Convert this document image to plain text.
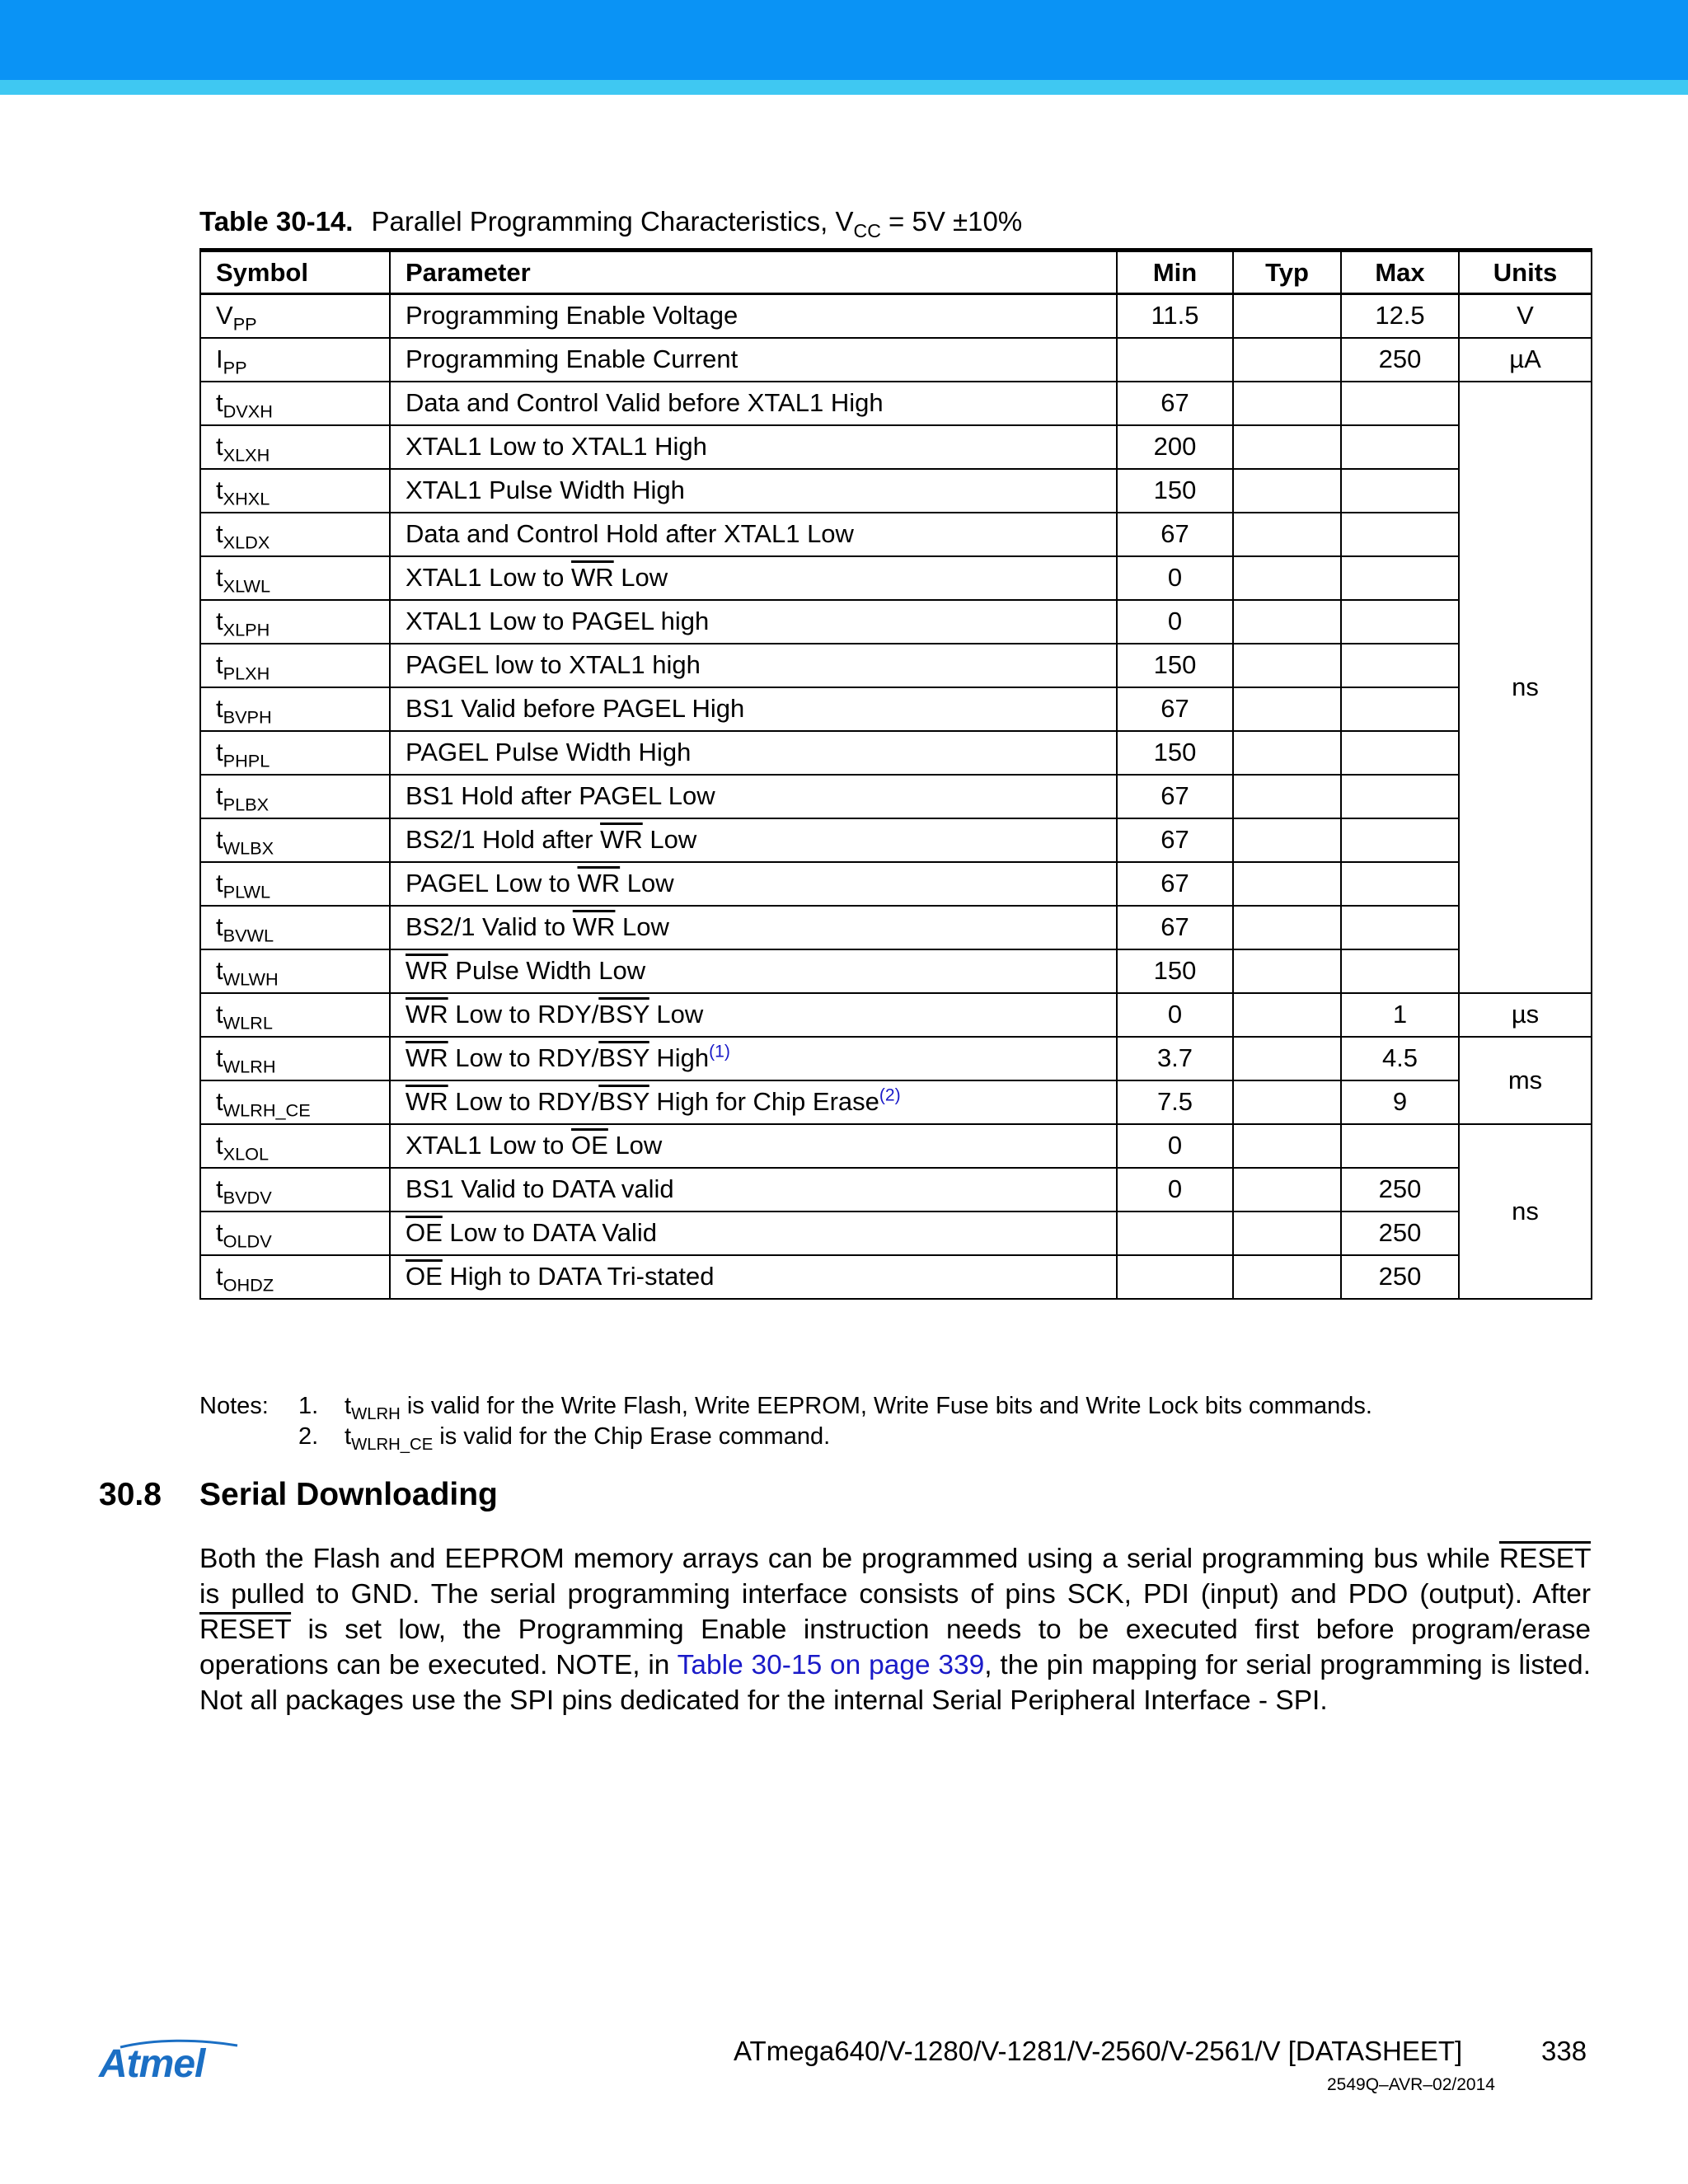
Table 30-14. Parallel Programming Characteristics, $V_{CC} = 5V \pm 10\%$
Symbol	Parameter	Min	Typ	Max	Units
$V_{PP}$	Programming Enable Voltage	11.5		12.5	V
$I_{PP}$	Programming Enable Current			250	µA
$t_{DVXH}$	Data and Control Valid before XTAL1 High	67			ns
$t_{XLXH}$	XTAL1 Low to XTAL1 High	200			
$t_{XHXL}$	XTAL1 Pulse Width High	150			
$t_{XLDX}$	Data and Control Hold after XTAL1 Low	67			
$t_{XLWL}$	XTAL1 Low to $\overline{WR}$ Low	0			
$t_{XLPH}$	XTAL1 Low to PAGEL high	0			
$t_{PLXH}$	PAGEL low to XTAL1 high	150			
$t_{BVPH}$	BS1 Valid before PAGEL High	67			
$t_{PHPL}$	PAGEL Pulse Width High	150			
$t_{PLBX}$	BS1 Hold after PAGEL Low	67			
$t_{WLBX}$	BS2/1 Hold after $\overline{WR}$ Low	67			
$t_{PLWL}$	PAGEL Low to $\overline{WR}$ Low	67			
$t_{BVWL}$	BS2/1 Valid to $\overline{WR}$ Low	67			
$t_{WLWH}$	$\overline{WR}$ Pulse Width Low	150			
$t_{WLRL}$	$\overline{WR}$ Low to RDY/$\overline{BSY}$ Low	0		1	µs
$t_{WLRH}$	$\overline{WR}$ Low to RDY/$\overline{BSY}$ High$^{(1)}$	3.7		4.5	ms
$t_{WLRH\_CE}$	$\overline{WR}$ Low to RDY/$\overline{BSY}$ High for Chip Erase$^{(2)}$	7.5		9	
$t_{XLOL}$	XTAL1 Low to $\overline{OE}$ Low	0			ns
$t_{BVDV}$	BS1 Valid to DATA valid	0		250	
$t_{OLDV}$	$\overline{OE}$ Low to DATA Valid			250	
$t_{OHDZ}$	$\overline{OE}$ High to DATA Tri-stated			250	
Notes: 1. $t_{WLRH}$ is valid for the Write Flash, Write EEPROM, Write Fuse bits and Write Lock bits commands.
2. $t_{WLRH\_CE}$ is valid for the Chip Erase command.
30.8 Serial Downloading
Both the Flash and EEPROM memory arrays can be programmed using a serial programming bus while RESET is pulled to GND. The serial programming interface consists of pins SCK, PDI (input) and PDO (output). After RESET is set low, the Programming Enable instruction needs to be executed first before program/erase operations can be executed. NOTE, in Table 30-15 on page 339, the pin mapping for serial programming is listed. Not all packages use the SPI pins dedicated for the internal Serial Peripheral Interface - SPI.
Atmel	ATmega640/V-1280/V-1281/V-2560/V-2561/V [DATASHEET]	338
2549Q–AVR–02/2014
